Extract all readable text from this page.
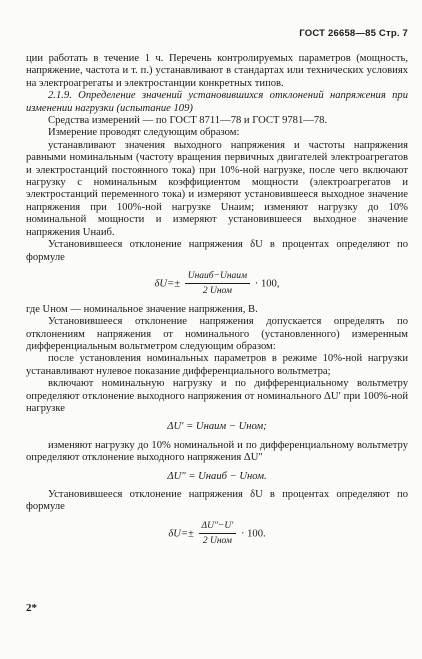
ГОСТ 26658—85 Стр. 7

ции работать в течение 1 ч. Перечень контролируемых параметров (мощность, напряжение, частота и т. п.) устанавливают в стандартах или технических условиях на электроагрегаты и электростанции конкретных типов.

2.1.9. Определение значений установившихся отклонений напряжения при изменении нагрузки (испытание 109)

Средства измерений — по ГОСТ 8711—78 и ГОСТ 9781—78.

Измерение проводят следующим образом:

устанавливают значения выходного напряжения и частоты напряжения равными номинальным (частоту вращения первичных двигателей электроагрегатов и электростанций постоянного тока) при 10%-ной нагрузке, после чего включают нагрузку с номинальным коэффициентом мощности (электроагрегатов и электростанций переменного тока) и измеряют установившееся выходное значение напряжения при 100%-ной нагрузке Uнаим; изменяют нагрузку до 10% номинальной мощности и измеряют установившееся выходное значение напряжения Uнаиб.

Установившееся отклонение напряжения δU в процентах определяют по формуле

$\delta U=\pm \frac{\text{Uнаиб−Uнаим}}{\text{2 Uном}} \cdot 100$,

где Uном — номинальное значение напряжения, В.

Установившееся отклонение напряжения допускается определять по отклонениям напряжения от номинального (установленного) измеренным дифференциальным вольтметром следующим образом:

после установления номинальных параметров в режиме 10%-ной нагрузки устанавливают нулевое показание дифференциального вольтметра;

включают номинальную нагрузку и по дифференциальному вольтметру определяют отклонение выходного напряжения от номинального ΔU′ при 100%-ной нагрузке

ΔU′ = Uнаим − Uном;

изменяют нагрузку до 10% номинальной и по дифференциальному вольтметру определяют отклонение выходного напряжения ΔU″

ΔU″ = Uнаиб − Uном.

Установившееся отклонение напряжения δU в процентах определяют по формуле

$\delta U=\pm \frac{\Delta U''-U'}{\text{2 Uном}} \cdot 100$.
2*
